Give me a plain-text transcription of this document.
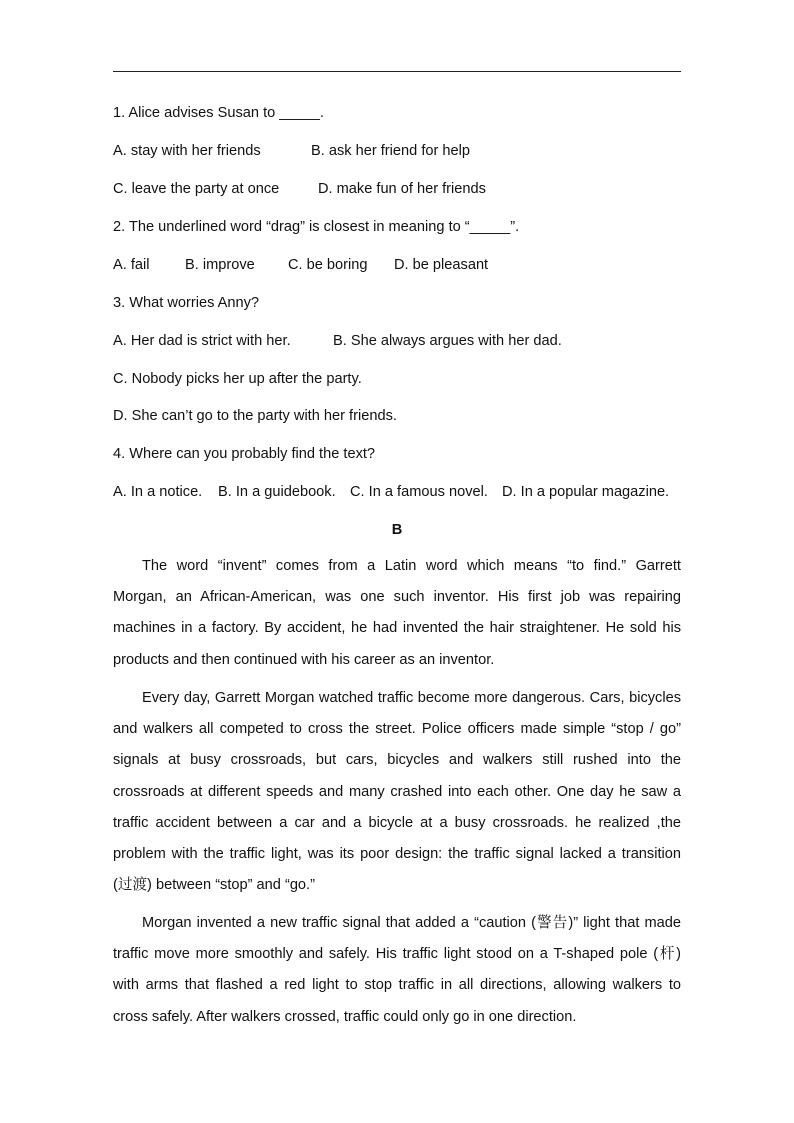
1. Alice advises Susan to _____.
A. stay with her friends	B. ask her friend for help
C. leave the party at once	D. make fun of her friends
2. The underlined word “drag” is closest in meaning to “_____”.
A. fail B. improve C. be boring D. be pleasant
3. What worries Anny?
A. Her dad is strict with her.	B. She always argues with her dad.
C. Nobody picks her up after the party.
D. She can’t go to the party with her friends.
4. Where can you probably find the text?
A. In a notice. B. In a guidebook. C. In a famous novel. D. In a popular magazine.
B
The word “invent” comes from a Latin word which means “to find.” Garrett
Morgan, an African-American, was one such inventor. His first job was repairing
machines in a factory. By accident, he had invented the hair straightener. He sold his
products and then continued with his career as an inventor.
Every day, Garrett Morgan watched traffic become more dangerous. Cars, bicycles
and walkers all competed to cross the street. Police officers made simple “stop / go”
signals at busy crossroads, but cars, bicycles and walkers still rushed into the
crossroads at different speeds and many crashed into each other. One day he saw a
traffic accident between a car and a bicycle at a busy crossroads. he realized ,the
problem with the traffic light, was its poor design: the traffic signal lacked a transition
(过渡) between “stop” and “go.”
Morgan invented a new traffic signal that added a “caution (警告)” light that made
traffic move more smoothly and safely. His traffic light stood on a T-shaped pole (杆)
with arms that flashed a red light to stop traffic in all directions, allowing walkers to
cross safely. After walkers crossed, traffic could only go in one direction.
